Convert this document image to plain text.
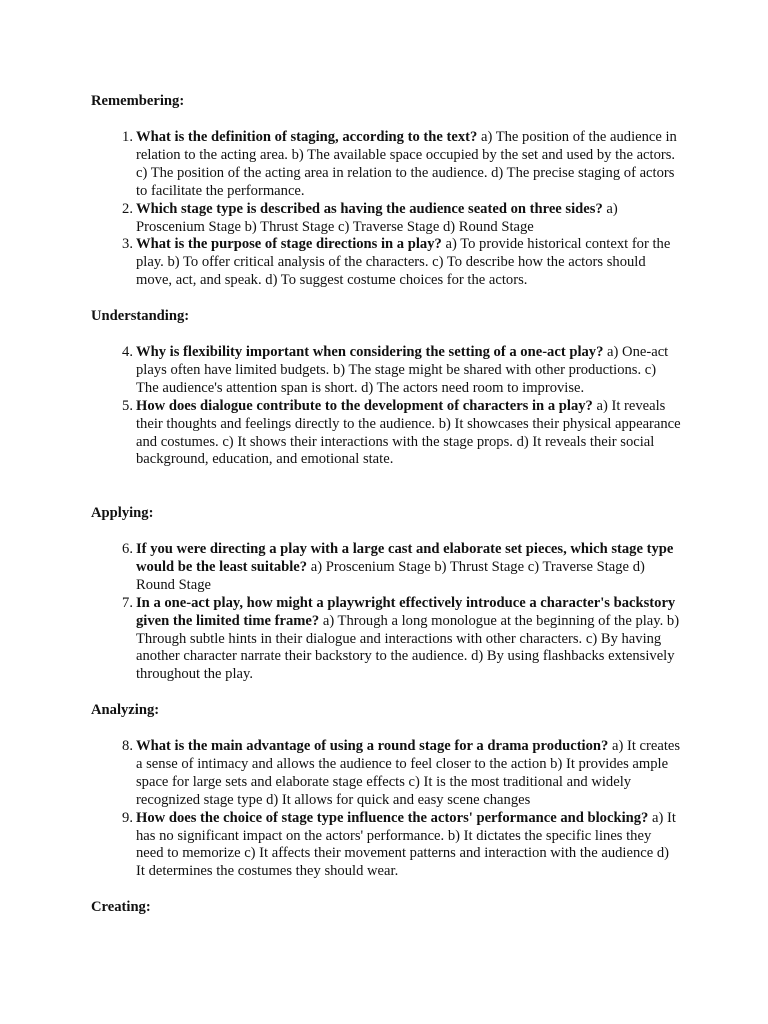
Remembering:
1. What is the definition of staging, according to the text? a) The position of the audience in relation to the acting area. b) The available space occupied by the set and used by the actors. c) The position of the acting area in relation to the audience. d) The precise staging of actors to facilitate the performance.
2. Which stage type is described as having the audience seated on three sides? a) Proscenium Stage b) Thrust Stage c) Traverse Stage d) Round Stage
3. What is the purpose of stage directions in a play? a) To provide historical context for the play. b) To offer critical analysis of the characters. c) To describe how the actors should move, act, and speak. d) To suggest costume choices for the actors.
Understanding:
4. Why is flexibility important when considering the setting of a one-act play? a) One-act plays often have limited budgets. b) The stage might be shared with other productions. c) The audience's attention span is short. d) The actors need room to improvise.
5. How does dialogue contribute to the development of characters in a play? a) It reveals their thoughts and feelings directly to the audience. b) It showcases their physical appearance and costumes. c) It shows their interactions with the stage props. d) It reveals their social background, education, and emotional state.
Applying:
6. If you were directing a play with a large cast and elaborate set pieces, which stage type would be the least suitable? a) Proscenium Stage b) Thrust Stage c) Traverse Stage d) Round Stage
7. In a one-act play, how might a playwright effectively introduce a character's backstory given the limited time frame? a) Through a long monologue at the beginning of the play. b) Through subtle hints in their dialogue and interactions with other characters. c) By having another character narrate their backstory to the audience. d) By using flashbacks extensively throughout the play.
Analyzing:
8. What is the main advantage of using a round stage for a drama production? a) It creates a sense of intimacy and allows the audience to feel closer to the action b) It provides ample space for large sets and elaborate stage effects c) It is the most traditional and widely recognized stage type d) It allows for quick and easy scene changes
9. How does the choice of stage type influence the actors' performance and blocking? a) It has no significant impact on the actors' performance. b) It dictates the specific lines they need to memorize c) It affects their movement patterns and interaction with the audience d) It determines the costumes they should wear.
Creating:
